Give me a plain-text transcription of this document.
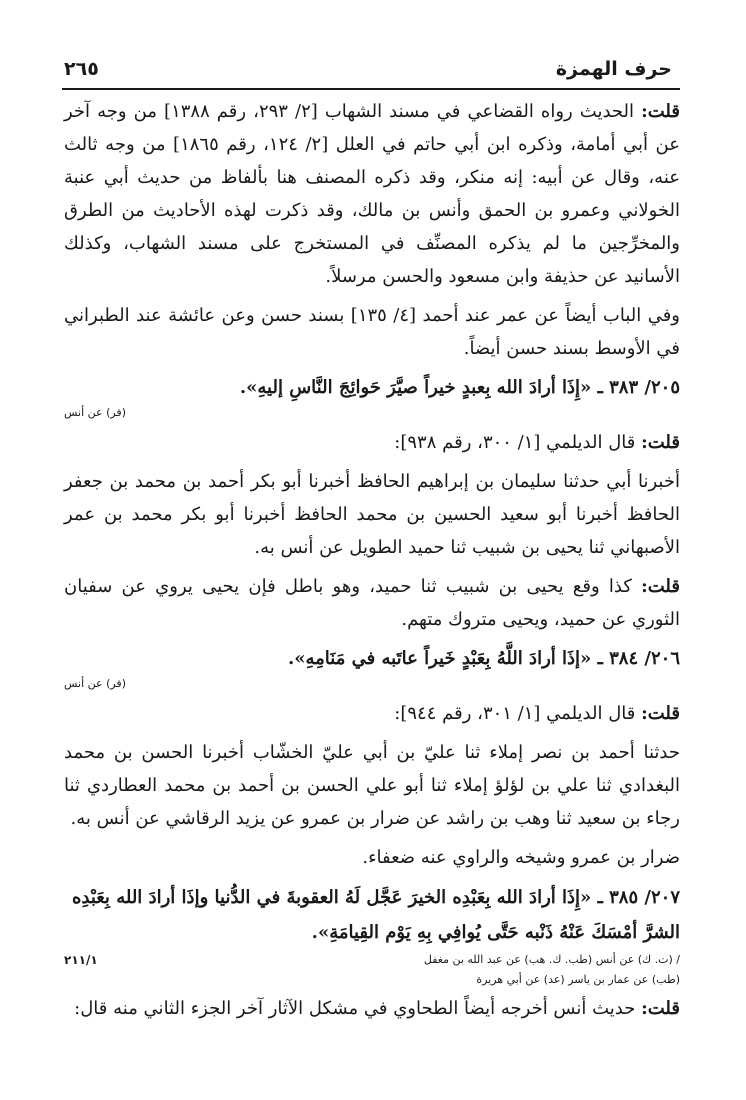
حرف الهمزة
٢٦٥

قلت: الحديث رواه القضاعي في مسند الشهاب [٢/ ٢٩٣، رقم ١٣٨٨] من وجه آخر عن أبي أمامة، وذكره ابن أبي حاتم في العلل [٢/ ١٢٤، رقم ١٨٦٥] من وجه ثالث عنه، وقال عن أبيه: إنه منكر، وقد ذكره المصنف هنا بألفاظ من حديث أبي عنبة الخولاني وعمرو بن الحمق وأنس بن مالك، وقد ذكرت لهذه الأحاديث من الطرق والمخرِّجين ما لم يذكره المصنِّف في المستخرج على مسند الشهاب، وكذلك الأسانيد عن حذيفة وابن مسعود والحسن مرسلاً.

وفي الباب أيضاً عن عمر عند أحمد [٤/ ١٣٥] بسند حسن وعن عائشة عند الطبراني في الأوسط بسند حسن أيضاً.

٢٠٥/ ٣٨٣ ـ «إِذَا أرادَ الله بِعبدٍ خيراً صيَّرَ حَوائِجَ النَّاسِ إليهِ».
(فر) عن أنس

قلت: قال الديلمي [١/ ٣٠٠، رقم ٩٣٨]:

أخبرنا أبي حدثنا سليمان بن إبراهيم الحافظ أخبرنا أبو بكر أحمد بن محمد بن جعفر الحافظ أخبرنا أبو سعيد الحسين بن محمد الحافظ أخبرنا أبو بكر محمد بن عمر الأصبهاني ثنا يحيى بن شبيب ثنا حميد الطويل عن أنس به.

قلت: كذا وقع يحيى بن شبيب ثنا حميد، وهو باطل فإن يحيى يروي عن سفيان الثوري عن حميد، ويحيى متروك متهم.

٢٠٦/ ٣٨٤ ـ «إذَا أرادَ اللَّهُ بِعَبْدٍ خَيراً عاتَبه في مَنَامِهِ».
(فر) عن أنس

قلت: قال الديلمي [١/ ٣٠١، رقم ٩٤٤]:

حدثنا أحمد بن نصر إملاء ثنا عليّ بن أبي عليّ الخشّاب أخبرنا الحسن بن محمد البغدادي ثنا علي بن لؤلؤ إملاء ثنا أبو علي الحسن بن أحمد بن محمد العطاردي ثنا رجاء بن سعيد ثنا وهب بن راشد عن ضرار بن عمرو عن يزيد الرقاشي عن أنس به.

ضرار بن عمرو وشيخه والراوي عنه ضعفاء.

٢٠٧/ ٣٨٥ ـ «إِذَا أرادَ الله بِعَبْدِه الخيرَ عَجَّل لَهُ العقوبةَ في الدُّنيا وإذَا أرادَ الله بِعَبْدِه الشرَّ أمْسَكَ عَنْهُ ذَنْبه حَتَّى يُوافِي بِهِ يَوْم القِيامَةِ».
/ (ت. ك) عن أنس (طب. ك. هب) عن عبد الله بن مغفل
٢١١/١
(طب) عن عمار بن ياسر (عد) عن أبي هريرة

قلت: حديث أنس أخرجه أيضاً الطحاوي في مشكل الآثار آخر الجزء الثاني منه قال:
